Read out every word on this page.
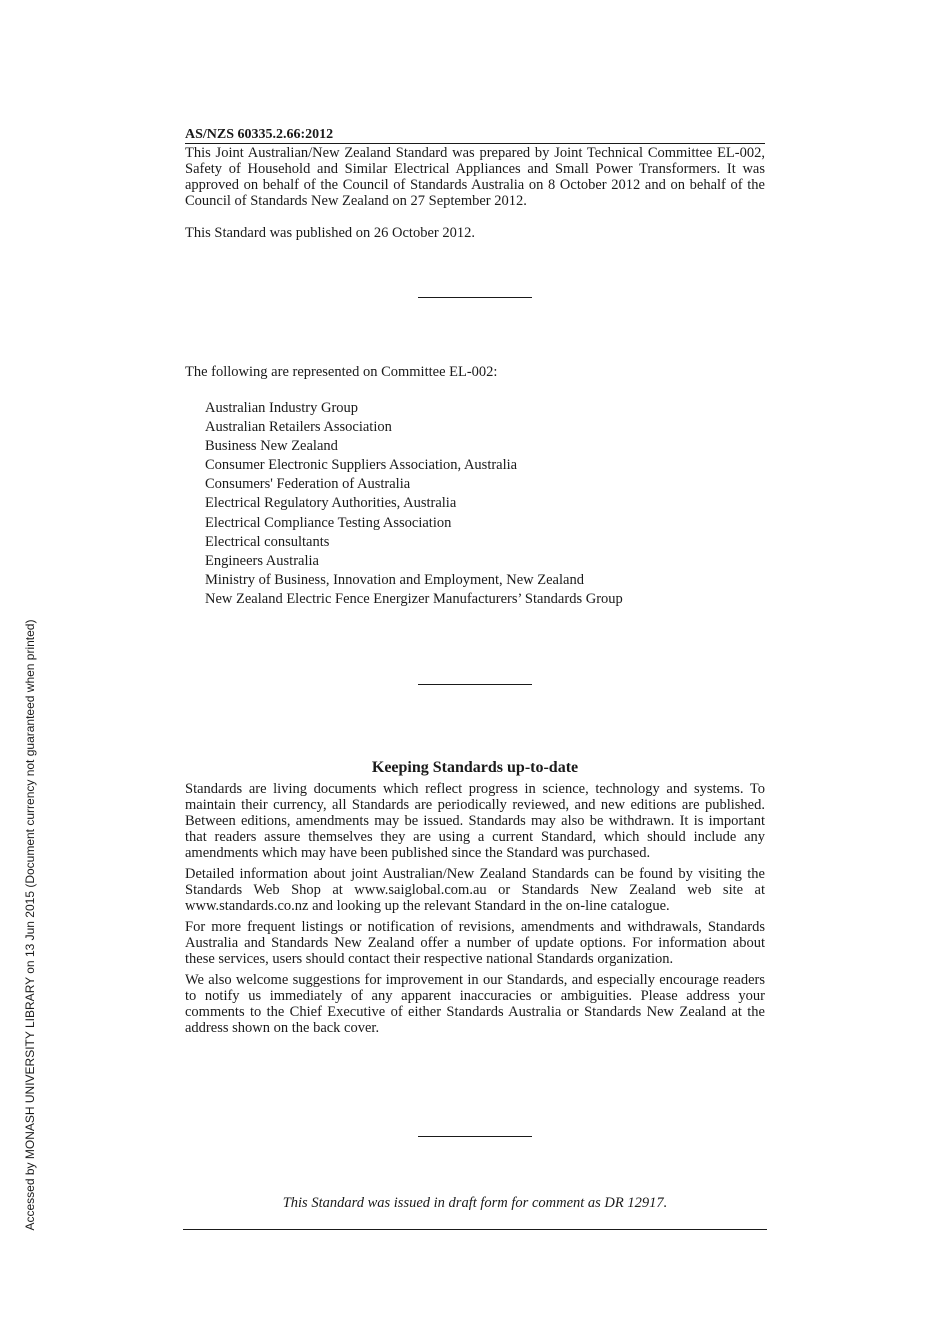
Accessed by MONASH UNIVERSITY LIBRARY on 13 Jun 2015 (Document currency not guaranteed when printed)
AS/NZS 60335.2.66:2012

This Joint Australian/New Zealand Standard was prepared by Joint Technical Committee EL-002, Safety of Household and Similar Electrical Appliances and Small Power Transformers. It was approved on behalf of the Council of Standards Australia on 8 October 2012 and on behalf of the Council of Standards New Zealand on 27 September 2012.

This Standard was published on 26 October 2012.

The following are represented on Committee EL-002:

Australian Industry Group
Australian Retailers Association
Business New Zealand
Consumer Electronic Suppliers Association, Australia
Consumers' Federation of Australia
Electrical Regulatory Authorities, Australia
Electrical Compliance Testing Association
Electrical consultants
Engineers Australia
Ministry of Business, Innovation and Employment, New Zealand
New Zealand Electric Fence Energizer Manufacturers’ Standards Group
Keeping Standards up-to-date

Standards are living documents which reflect progress in science, technology and systems. To maintain their currency, all Standards are periodically reviewed, and new editions are published. Between editions, amendments may be issued. Standards may also be withdrawn. It is important that readers assure themselves they are using a current Standard, which should include any amendments which may have been published since the Standard was purchased.

Detailed information about joint Australian/New Zealand Standards can be found by visiting the Standards Web Shop at www.saiglobal.com.au or Standards New Zealand web site at www.standards.co.nz and looking up the relevant Standard in the on-line catalogue.

For more frequent listings or notification of revisions, amendments and withdrawals, Standards Australia and Standards New Zealand offer a number of update options. For information about these services, users should contact their respective national Standards organization.

We also welcome suggestions for improvement in our Standards, and especially encourage readers to notify us immediately of any apparent inaccuracies or ambiguities. Please address your comments to the Chief Executive of either Standards Australia or Standards New Zealand at the address shown on the back cover.

This Standard was issued in draft form for comment as DR 12917.
